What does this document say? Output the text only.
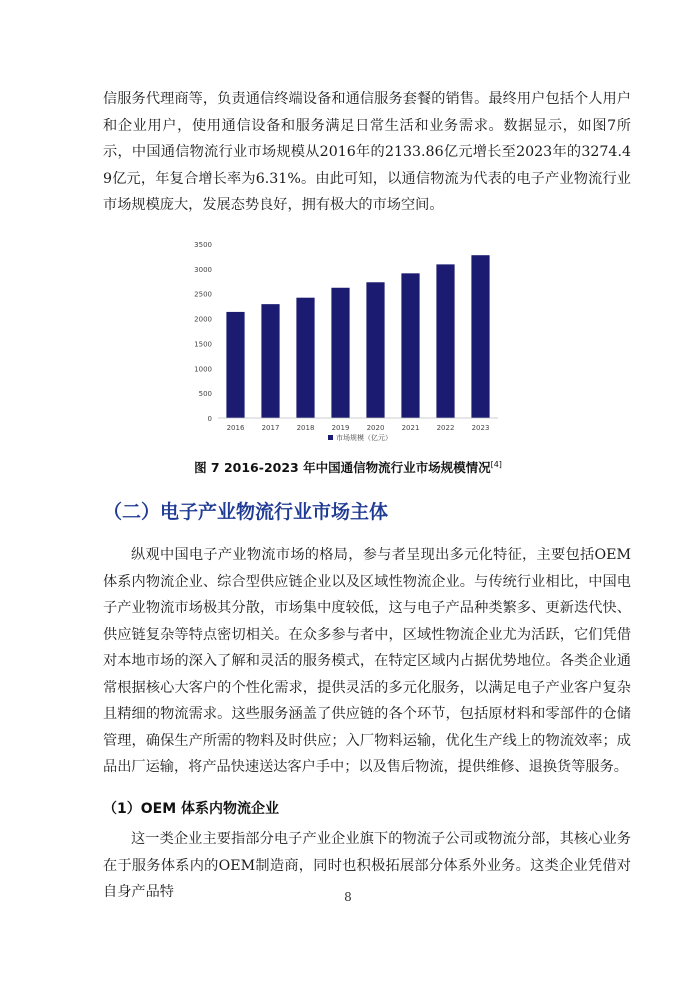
信服务代理商等，负责通信终端设备和通信服务套餐的销售。最终用户包括个人用户和企业用户，使用通信设备和服务满足日常生活和业务需求。数据显示，如图7所示，中国通信物流行业市场规模从2016年的2133.86亿元增长至2023年的3274.49亿元，年复合增长率为6.31%。由此可知，以通信物流为代表的电子产业物流行业市场规模庞大，发展态势良好，拥有极大的市场空间。

0
500
1000
1500
2000
2500
3000
3500
2016 2017 2018 2019 2020 2021 2022 2023
市场规模（亿元）
图 7 2016-2023 年中国通信物流行业市场规模情况[4]
（二）电子产业物流行业市场主体

纵观中国电子产业物流市场的格局，参与者呈现出多元化特征，主要包括OEM体系内物流企业、综合型供应链企业以及区域性物流企业。与传统行业相比，中国电子产业物流市场极其分散，市场集中度较低，这与电子产品种类繁多、更新迭代快、供应链复杂等特点密切相关。在众多参与者中，区域性物流企业尤为活跃，它们凭借对本地市场的深入了解和灵活的服务模式，在特定区域内占据优势地位。各类企业通常根据核心大客户的个性化需求，提供灵活的多元化服务，以满足电子产业客户复杂且精细的物流需求。这些服务涵盖了供应链的各个环节，包括原材料和零部件的仓储管理，确保生产所需的物料及时供应；入厂物料运输，优化生产线上的物流效率；成品出厂运输，将产品快速送达客户手中；以及售后物流，提供维修、退换货等服务。

（1）OEM 体系内物流企业

这一类企业主要指部分电子产业企业旗下的物流子公司或物流分部，其核心业务在于服务体系内的OEM制造商，同时也积极拓展部分体系外业务。这类企业凭借对自身产品特	8
